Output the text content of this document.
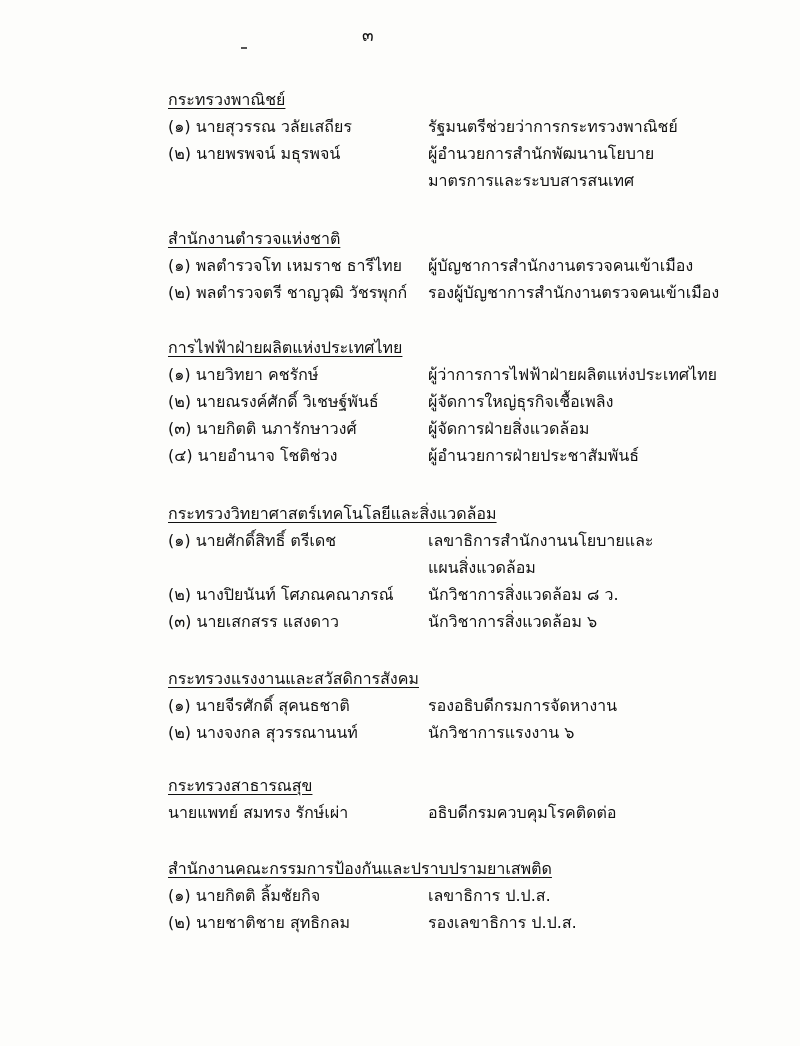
๓
กระทรวงพาณิชย์
(๑) นายสุวรรณ วลัยเสถียร	รัฐมนตรีช่วยว่าการกระทรวงพาณิชย์
(๒) นายพรพจน์ มธุรพจน์	ผู้อำนวยการสำนักพัฒนานโยบาย
มาตรการและระบบสารสนเทศ
สำนักงานตำรวจแห่งชาติ
(๑) พลตำรวจโท เหมราช ธารีไทย ผู้บัญชาการสำนักงานตรวจคนเข้าเมือง
(๒) พลตำรวจตรี ชาญวุฒิ วัชรพุกก์ รองผู้บัญชาการสำนักงานตรวจคนเข้าเมือง
การไฟฟ้าฝ่ายผลิตแห่งประเทศไทย
(๑) นายวิทยา คชรักษ์	ผู้ว่าการการไฟฟ้าฝ่ายผลิตแห่งประเทศไทย
(๒) นายณรงค์ศักดิ์ วิเชษฐ์พันธ์	ผู้จัดการใหญ่ธุรกิจเชื้อเพลิง
(๓) นายกิตติ นภารักษาวงศ์	ผู้จัดการฝ่ายสิ่งแวดล้อม
(๔) นายอำนาจ โชติช่วง	ผู้อำนวยการฝ่ายประชาสัมพันธ์
กระทรวงวิทยาศาสตร์เทคโนโลยีและสิ่งแวดล้อม
(๑) นายศักดิ์สิทธิ์ ตรีเดช	เลขาธิการสำนักงานนโยบายและ
แผนสิ่งแวดล้อม
(๒) นางปิยนันท์ โศภณคณาภรณ์ นักวิชาการสิ่งแวดล้อม ๘ ว.
(๓) นายเสกสรร แสงดาว	นักวิชาการสิ่งแวดล้อม ๖
กระทรวงแรงงานและสวัสดิการสังคม
(๑) นายจีรศักดิ์ สุคนธชาติ	รองอธิบดีกรมการจัดหางาน
(๒) นางจงกล สุวรรณานนท์	นักวิชาการแรงงาน ๖
กระทรวงสาธารณสุข
นายแพทย์ สมทรง รักษ์เผ่า	อธิบดีกรมควบคุมโรคติดต่อ
สำนักงานคณะกรรมการป้องกันและปราบปรามยาเสพติด
(๑) นายกิตติ ลิ้มชัยกิจ	เลขาธิการ ป.ป.ส.
(๒) นายชาติชาย สุทธิกลม	รองเลขาธิการ ป.ป.ส.
